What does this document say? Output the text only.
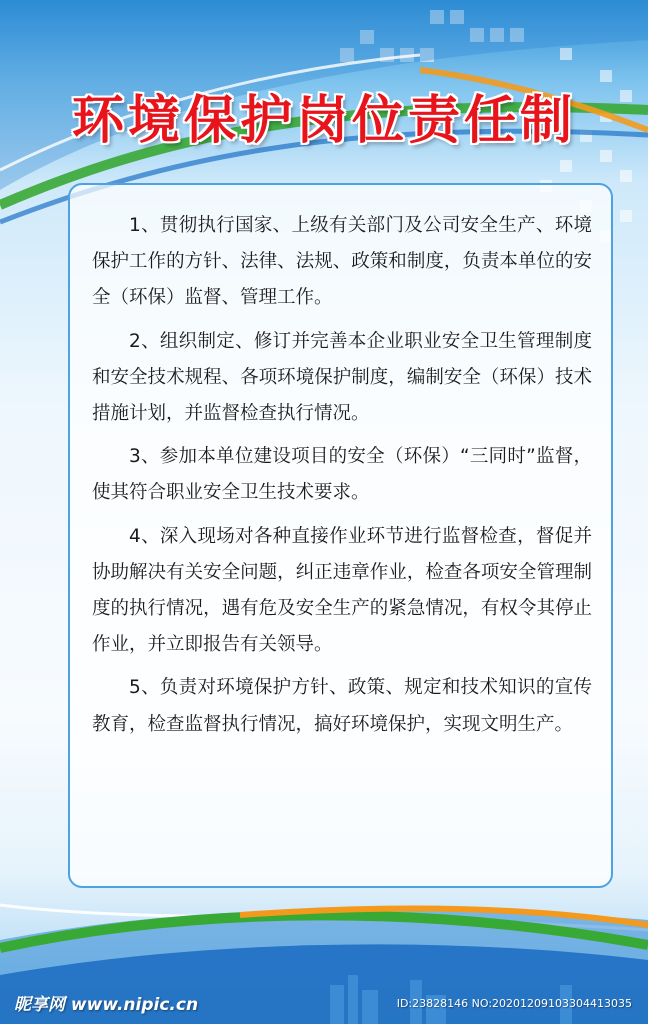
环境保护岗位责任制

1、贯彻执行国家、上级有关部门及公司安全生产、环境保护工作的方针、法律、法规、政策和制度，负责本单位的安全（环保）监督、管理工作。

2、组织制定、修订并完善本企业职业安全卫生管理制度和安全技术规程、各项环境保护制度，编制安全（环保）技术措施计划，并监督检查执行情况。

3、参加本单位建设项目的安全（环保）“三同时”监督，使其符合职业安全卫生技术要求。

4、深入现场对各种直接作业环节进行监督检查，督促并协助解决有关安全问题，纠正违章作业，检查各项安全管理制度的执行情况，遇有危及安全生产的紧急情况，有权令其停止作业，并立即报告有关领导。

5、负责对环境保护方针、政策、规定和技术知识的宣传教育，检查监督执行情况，搞好环境保护，实现文明生产。

昵享网 www.nipic.cn	ID:23828146 NO:20201209103304413035
